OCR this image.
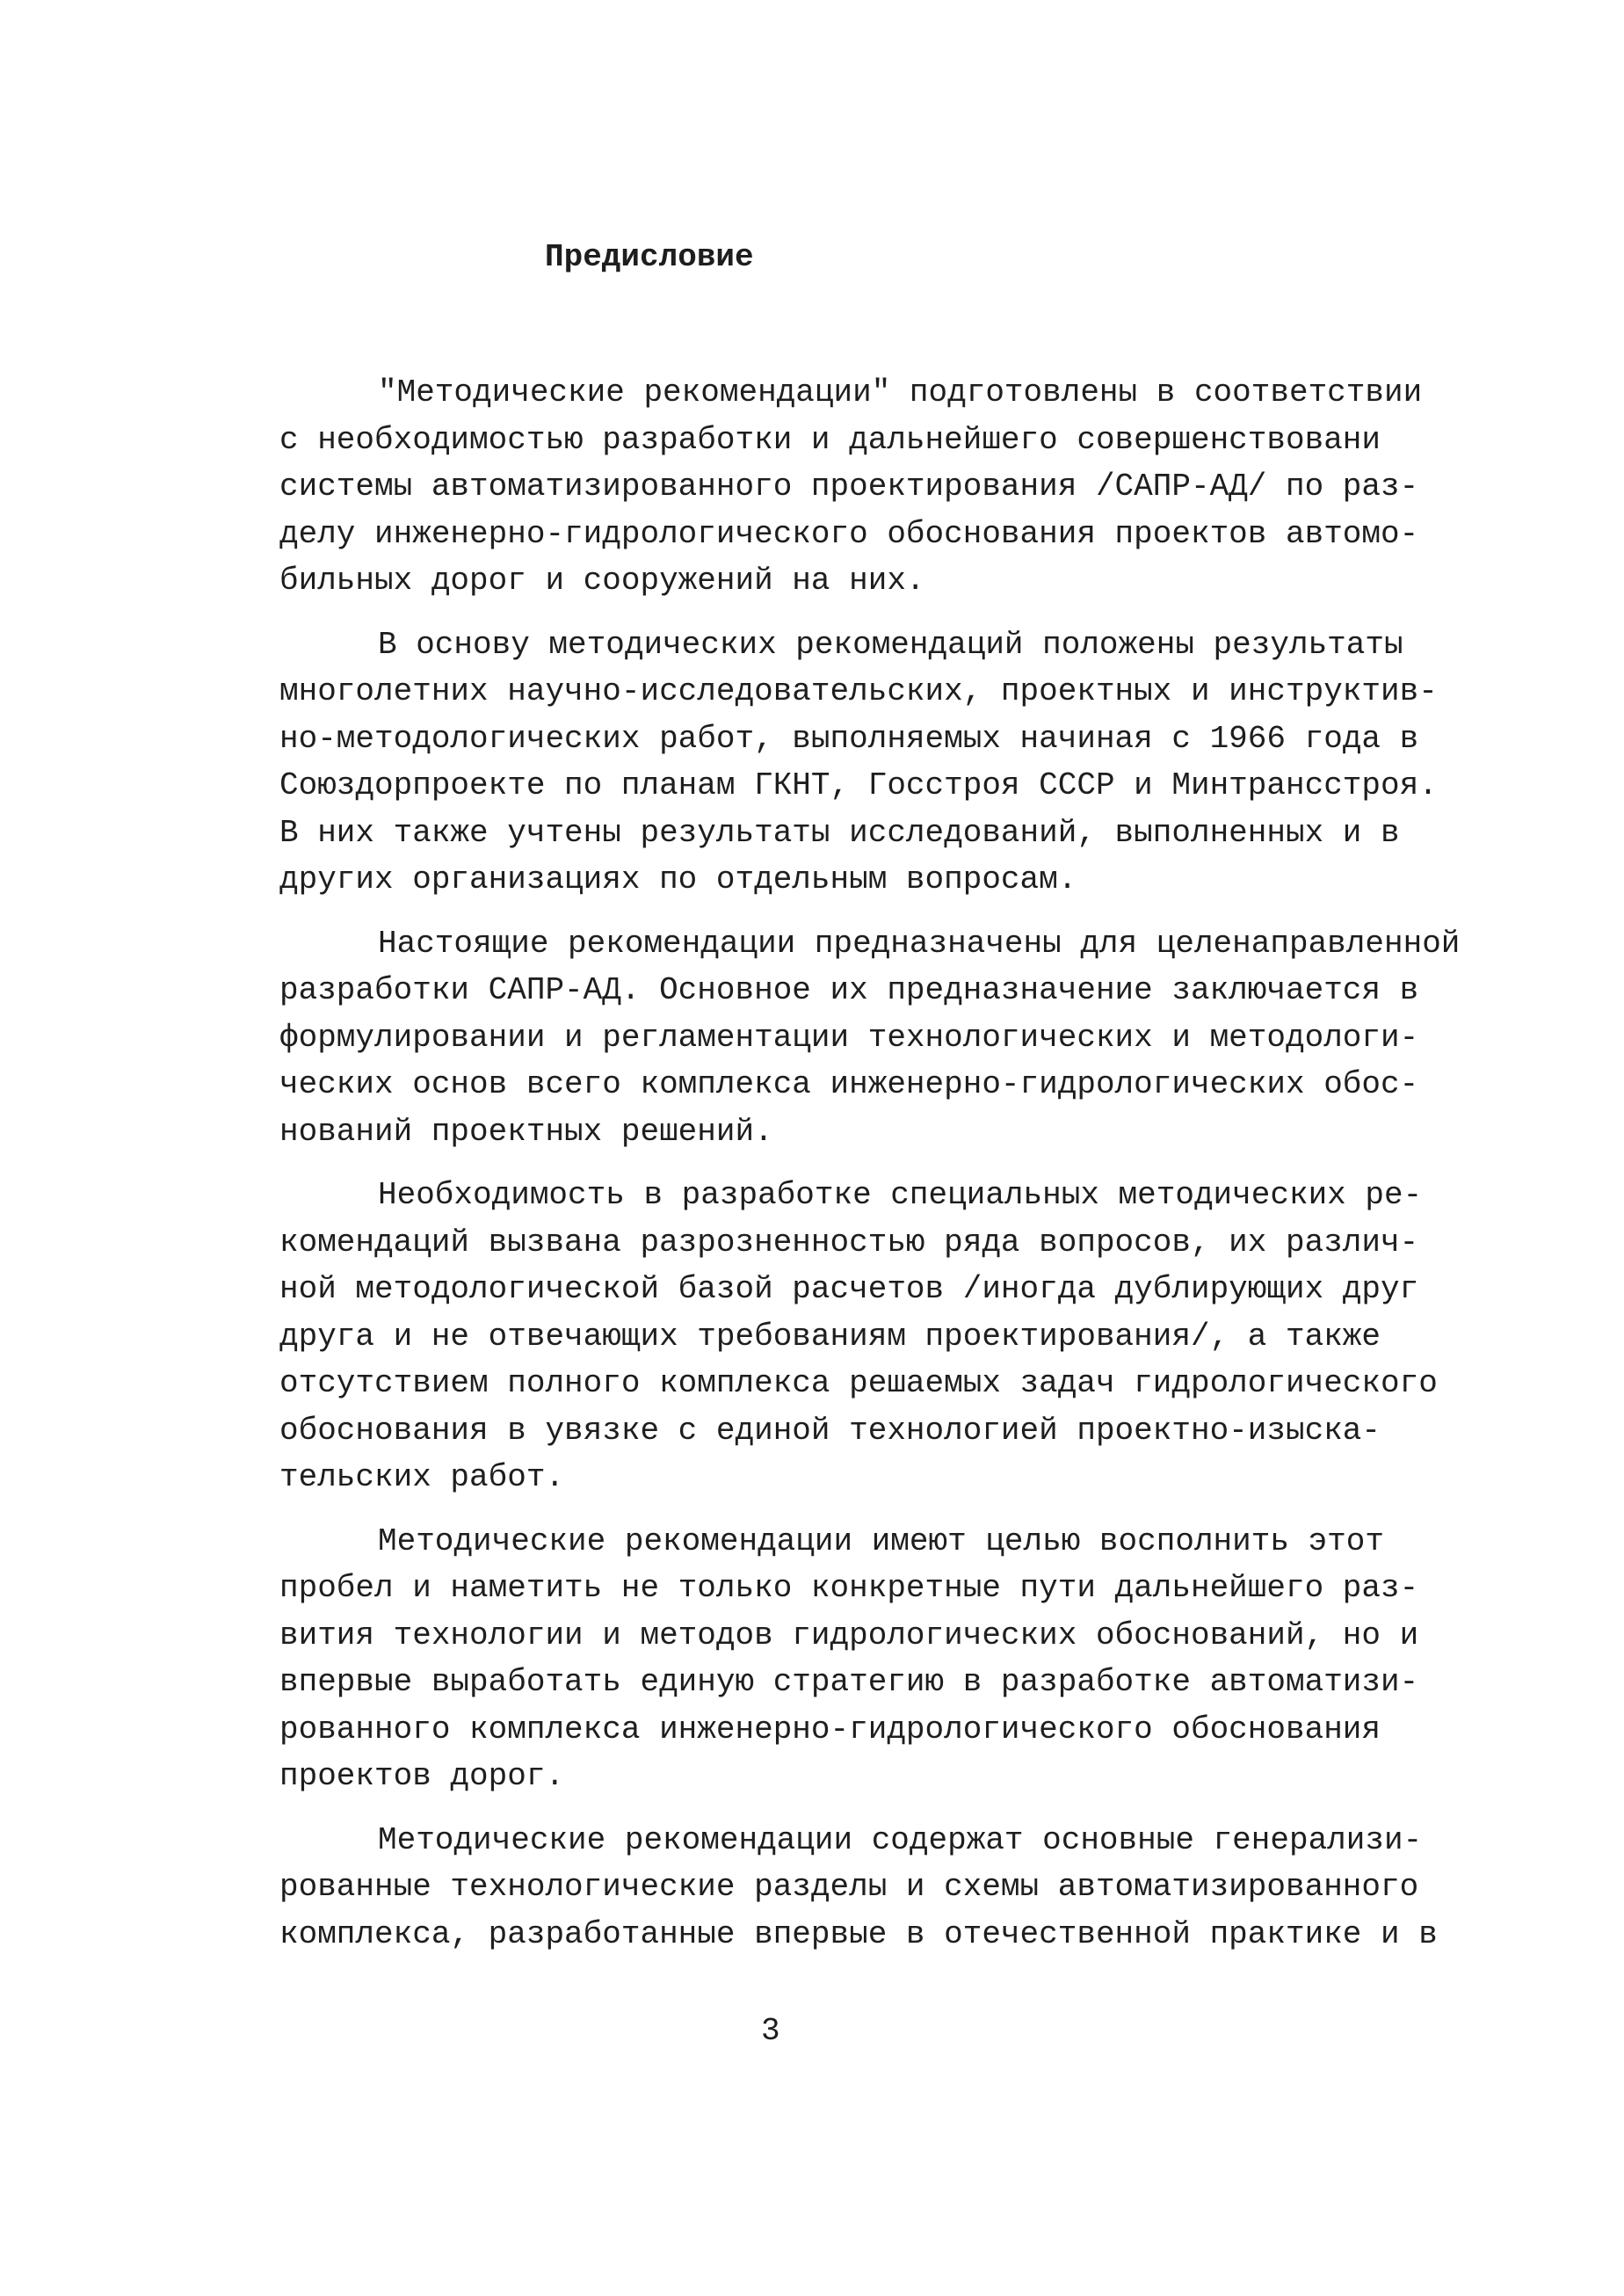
Предисловие
"Методические рекомендации" подготовлены в соответствии
с необходимостью разработки и дальнейшего совершенствовани
системы автоматизированного проектирования /САПР-АД/ по раз-
делу инженерно-гидрологического обоснования проектов автомо-
бильных дорог и сооружений на них.
В основу методических рекомендаций положены результаты
многолетних научно-исследовательских, проектных и инструктив-
но-методологических работ, выполняемых начиная с 1966 года в
Союздорпроекте по планам ГКНТ, Госстроя СССР и Минтрансстроя.
В них также учтены результаты исследований, выполненных и в
других организациях по отдельным вопросам.
Настоящие рекомендации предназначены для целенаправленной
разработки САПР-АД. Основное их предназначение заключается в
формулировании и регламентации технологических и методологи-
ческих основ всего комплекса инженерно-гидрологических обос-
нований проектных решений.
Необходимость в разработке специальных методических ре-
комендаций вызвана разрозненностью ряда вопросов, их различ-
ной методологической базой расчетов /иногда дублирующих друг
друга и не отвечающих требованиям проектирования/, а также
отсутствием полного комплекса решаемых задач гидрологического
обоснования в увязке с единой технологией проектно-изыска-
тельских работ.
Методические рекомендации имеют целью восполнить этот
пробел и наметить не только конкретные пути дальнейшего раз-
вития технологии и методов гидрологических обоснований, но и
впервые выработать единую стратегию в разработке автоматизи-
рованного комплекса инженерно-гидрологического обоснования
проектов дорог.
Методические рекомендации содержат основные генерализи-
рованные технологические разделы и схемы автоматизированного
комплекса, разработанные впервые в отечественной практике и в
3
